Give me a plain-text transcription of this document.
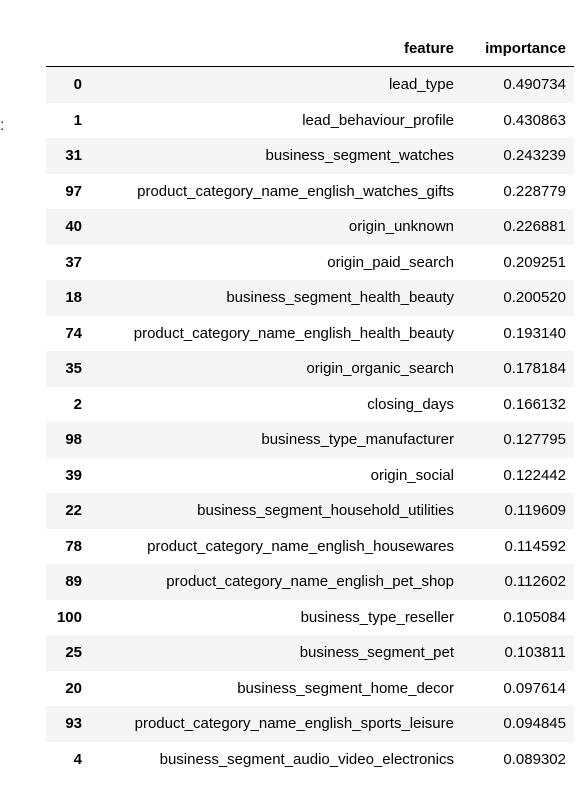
:
	feature	importance
0	lead_type	0.490734
1	lead_behaviour_profile	0.430863
31	business_segment_watches	0.243239
97	product_category_name_english_watches_gifts	0.228779
40	origin_unknown	0.226881
37	origin_paid_search	0.209251
18	business_segment_health_beauty	0.200520
74	product_category_name_english_health_beauty	0.193140
35	origin_organic_search	0.178184
2	closing_days	0.166132
98	business_type_manufacturer	0.127795
39	origin_social	0.122442
22	business_segment_household_utilities	0.119609
78	product_category_name_english_housewares	0.114592
89	product_category_name_english_pet_shop	0.112602
100	business_type_reseller	0.105084
25	business_segment_pet	0.103811
20	business_segment_home_decor	0.097614
93	product_category_name_english_sports_leisure	0.094845
4	business_segment_audio_video_electronics	0.089302
